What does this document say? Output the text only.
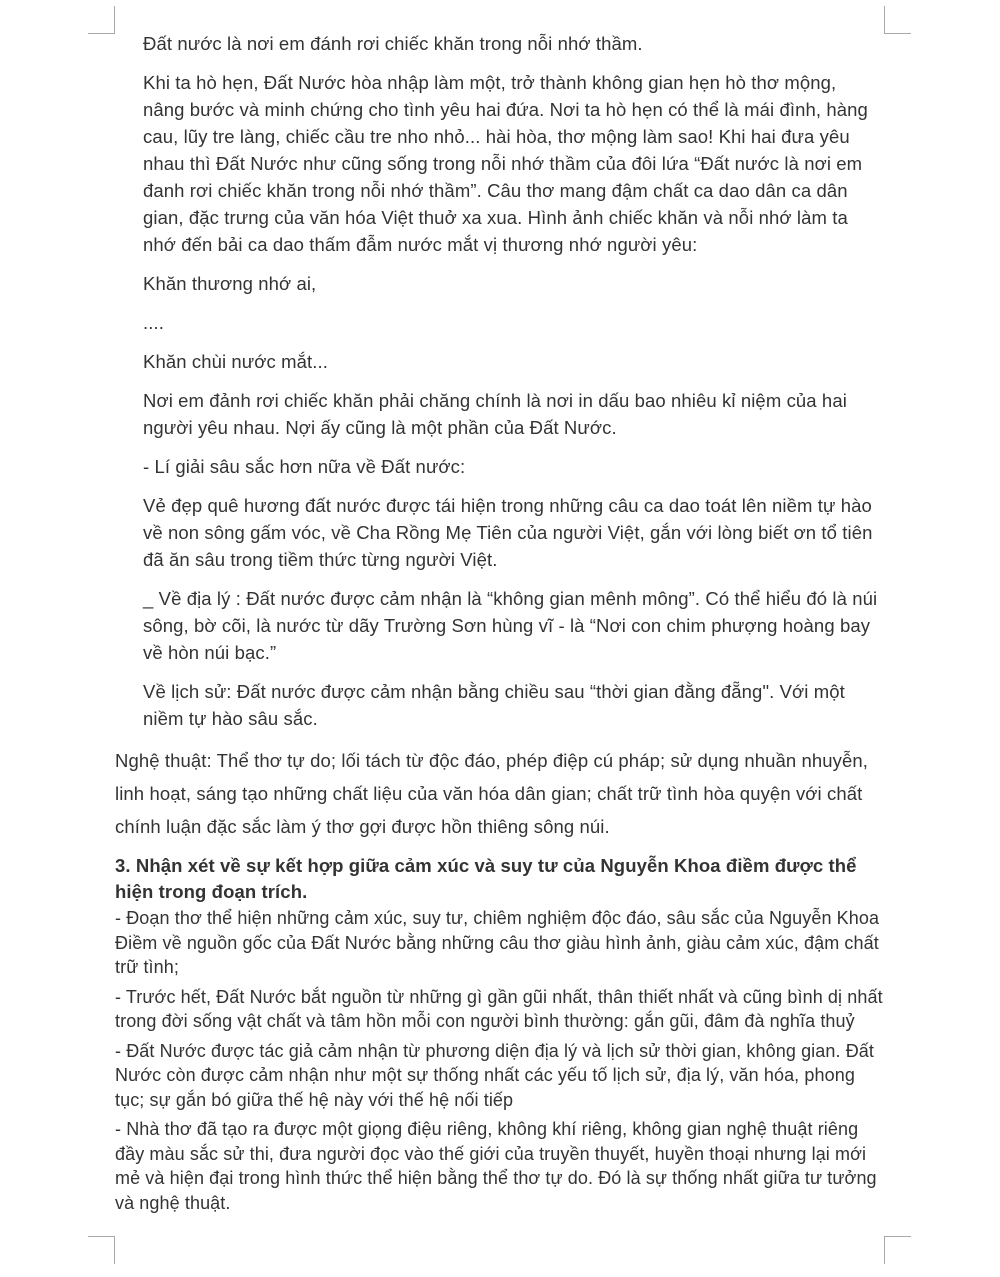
Đất nước là nơi em đánh rơi chiếc khăn trong nỗi nhớ thầm.

Khi ta hò hẹn, Đất Nước hòa nhập làm một, trở thành không gian hẹn hò thơ mộng, nâng bước và minh chứng cho tình yêu hai đứa. Nơi ta hò hẹn có thể là mái đình, hàng cau, lũy tre làng, chiếc cầu tre nho nhỏ... hài hòa, thơ mộng làm sao! Khi hai đưa yêu nhau thì Đất Nước như cũng sống trong nỗi nhớ thầm của đôi lứa “Đất nước là nơi em đanh rơi chiếc khăn trong nỗi nhớ thầm”. Câu thơ mang đậm chất ca dao dân ca dân gian, đặc trưng của văn hóa Việt thuở xa xua. Hình ảnh chiếc khăn và nỗi nhớ làm ta nhớ đến bải ca dao thấm đẫm nước mắt vị thương nhớ người yêu:

Khăn thương nhớ ai,

....

Khăn chùi nước mắt...

Nơi em đảnh rơi chiếc khăn phải chăng chính là nơi in dấu bao nhiêu kỉ niệm của hai người yêu nhau. Nợi ấy cũng là một phần của Đất Nước.

- Lí giải sâu sắc hơn nữa về Đất nước:

Vẻ đẹp quê hương đất nước được tái hiện trong những câu ca dao toát lên niềm tự hào về non sông gấm vóc, về Cha Rồng Mẹ Tiên của người Việt, gắn với lòng biết ơn tổ tiên đã ăn sâu trong tiềm thức từng người Việt.

_ Về địa lý : Đất nước được cảm nhận là “không gian mênh mông”. Có thể hiểu đó là núi sông, bờ cõi, là nước từ dãy Trường Sơn hùng vĩ - là “Nơi con chim phượng hoàng bay về hòn núi bạc.”

Về lịch sử: Đất nước được cảm nhận bằng chiều sau “thời gian đằng đẵng". Với một niềm tự hào sâu sắc.

Nghệ thuật: Thể thơ tự do; lối tách từ độc đáo, phép điệp cú pháp; sử dụng nhuần nhuyễn, linh hoạt, sáng tạo những chất liệu của văn hóa dân gian; chất trữ tình hòa quyện với chất chính luận đặc sắc làm ý thơ gợi được hồn thiêng sông núi.

3. Nhận xét về sự kết hợp giữa cảm xúc và suy tư của Nguyễn Khoa điềm được thể hiện trong đoạn trích.

- Đoạn thơ thể hiện những cảm xúc, suy tư, chiêm nghiệm độc đáo, sâu sắc của Nguyễn Khoa Điềm về nguồn gốc của Đất Nước bằng những câu thơ giàu hình ảnh, giàu cảm xúc, đậm chất trữ tình;

- Trước hết, Đất Nước bắt nguồn từ những gì gần gũi nhất, thân thiết nhất và cũng bình dị nhất trong đời sống vật chất và tâm hồn mỗi con người bình thường: gắn gũi, đâm đà nghĩa thuỷ

- Đất Nước được tác giả cảm nhận từ phương diện địa lý và lịch sử thời gian, không gian. Đất Nước còn được cảm nhận như một sự thống nhất các yếu tố lịch sử, địa lý, văn hóa, phong tục; sự gắn bó giữa thế hệ này với thế hệ nối tiếp

- Nhà thơ đã tạo ra được một giọng điệu riêng, không khí riêng, không gian nghệ thuật riêng đầy màu sắc sử thi, đưa người đọc vào thế giới của truyền thuyết, huyền thoại nhưng lại mới mẻ và hiện đại trong hình thức thể hiện bằng thể thơ tự do. Đó là sự thống nhất giữa tư tưởng và nghệ thuật.
